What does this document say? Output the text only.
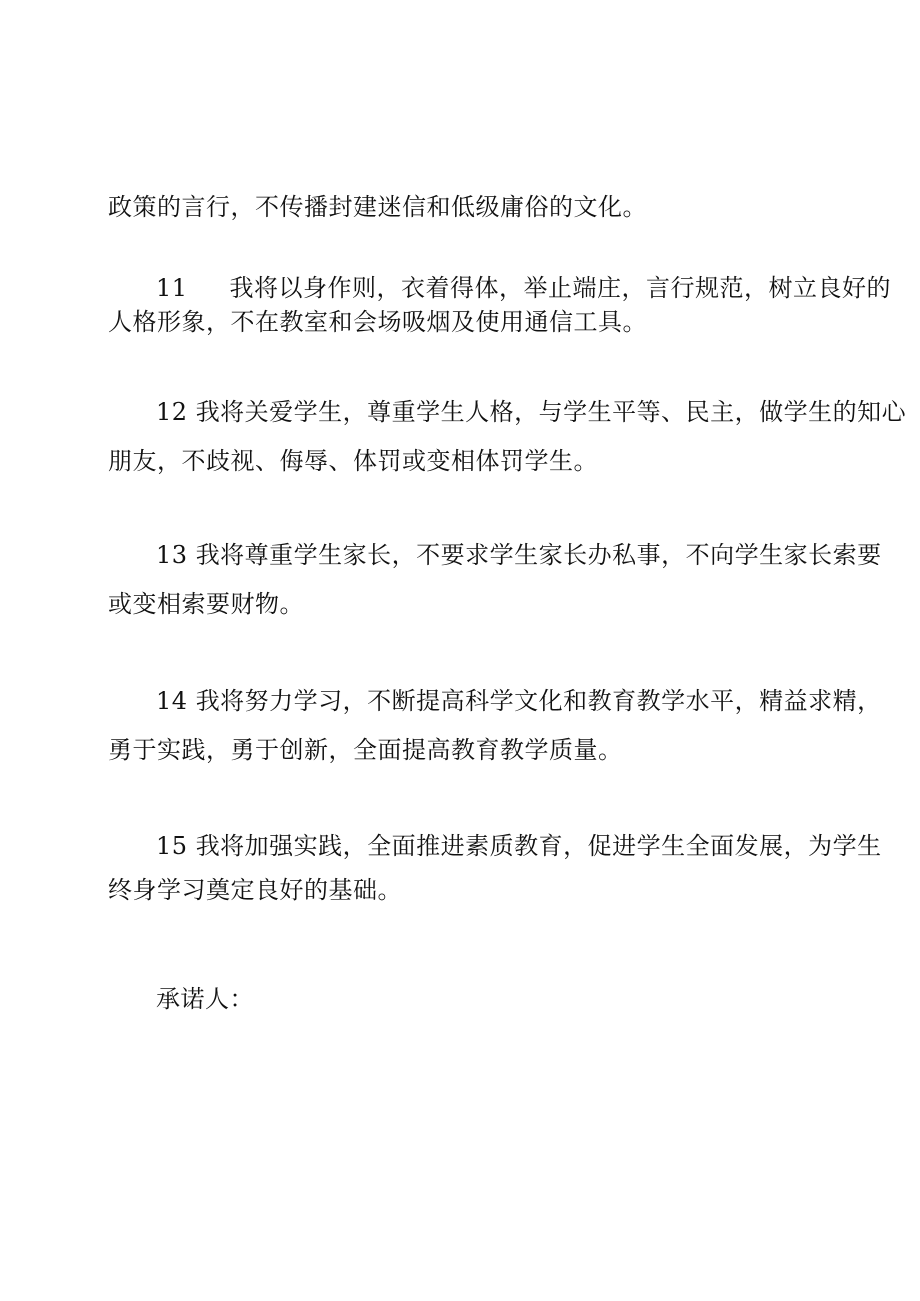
政策的言行，不传播封建迷信和低级庸俗的文化。
11 我将以身作则，衣着得体，举止端庄，言行规范，树立良好的
人格形象，不在教室和会场吸烟及使用通信工具。
12 我将关爱学生，尊重学生人格，与学生平等、民主，做学生的知心
朋友，不歧视、侮辱、体罚或变相体罚学生。
13 我将尊重学生家长，不要求学生家长办私事，不向学生家长索要
或变相索要财物。
14 我将努力学习，不断提高科学文化和教育教学水平，精益求精，
勇于实践，勇于创新，全面提高教育教学质量。
15 我将加强实践，全面推进素质教育，促进学生全面发展，为学生
终身学习奠定良好的基础。
承诺人：
